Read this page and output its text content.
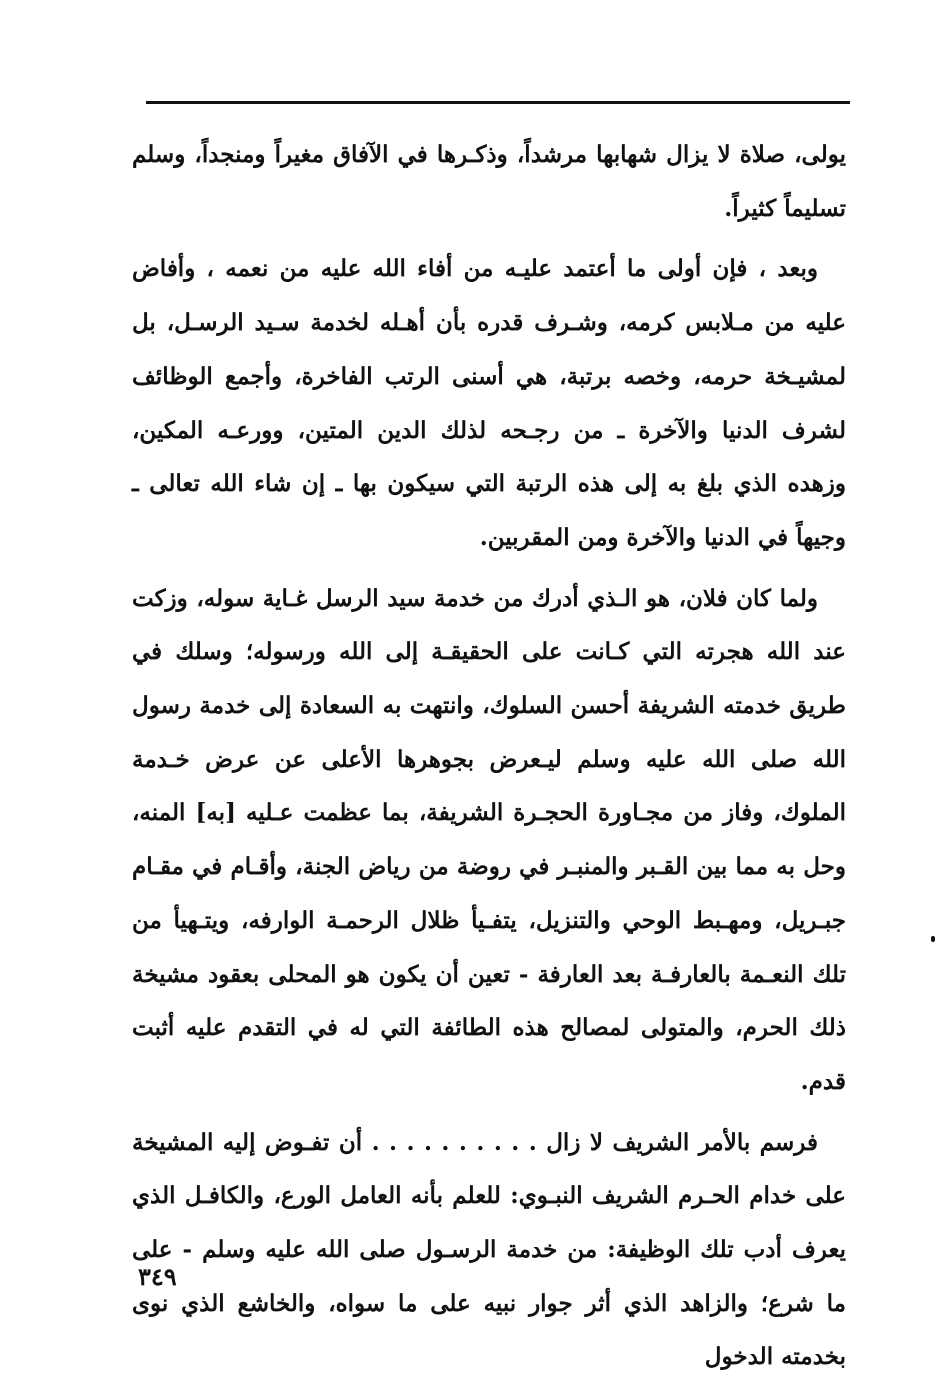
يولى، صلاة لا يزال شهابها مرشداً، وذكـرها في الآفاق مغيراً ومنجداً، وسلم تسليماً كثيراً.

وبعد ، فإن أولى ما أعتمد عليـه من أفاء الله عليه من نعمه ، وأفاض عليه من مـلابس كرمه، وشـرف قدره بأن أهـله لخدمة سـيد الرسـل، بل لمشيـخة حرمه، وخصه برتبة، هي أسنى الرتب الفاخرة، وأجمع الوظائف لشرف الدنيا والآخرة ـ من رجـحه لذلك الدين المتين، وورعـه المكين، وزهده الذي بلغ به إلى هذه الرتبة التي سيكون بها ـ إن شاء الله تعالى ـ وجيهاً في الدنيا والآخرة ومن المقربين.

ولما كان فلان، هو الـذي أدرك من خدمة سيد الرسل غـاية سوله، وزكت عند الله هجرته التي كـانت على الحقيقـة إلى الله ورسوله؛ وسلك في طريق خدمته الشريفة أحسن السلوك، وانتهت به السعادة إلى خدمة رسول الله صلى الله عليه وسلم ليـعرض بجوهرها الأعلى عن عرض خـدمة الملوك، وفاز من مجـاورة الحجـرة الشريفة، بما عظمت عـليه [به] المنه، وحل به مما بين القـبر والمنبـر في روضة من رياض الجنة، وأقـام في مقـام جبـريل، ومهـبط الوحي والتنزيل، يتفـيأ ظلال الرحمـة الوارفه، ويتـهيأ من تلك النعـمة بالعارفـة بعد العارفة - تعين أن يكون هو المحلى بعقود مشيخة ذلك الحرم، والمتولى لمصالح هذه الطائفة التي له في التقدم عليه أثبت قدم.

فرسم بالأمر الشريف لا زال . . . . . . . . . . أن تفـوض إليه المشيخة على خدام الحـرم الشريف النبـوي: للعلم بأنه العامل الورع، والكافـل الذي يعرف أدب تلك الوظيفة: من خدمة الرسـول صلى الله عليه وسلم - على ما شرع؛ والزاهد الذي أثر جوار نبيه على ما سواه، والخاشع الذي نوى بخدمته الدخول

٣٤٩
